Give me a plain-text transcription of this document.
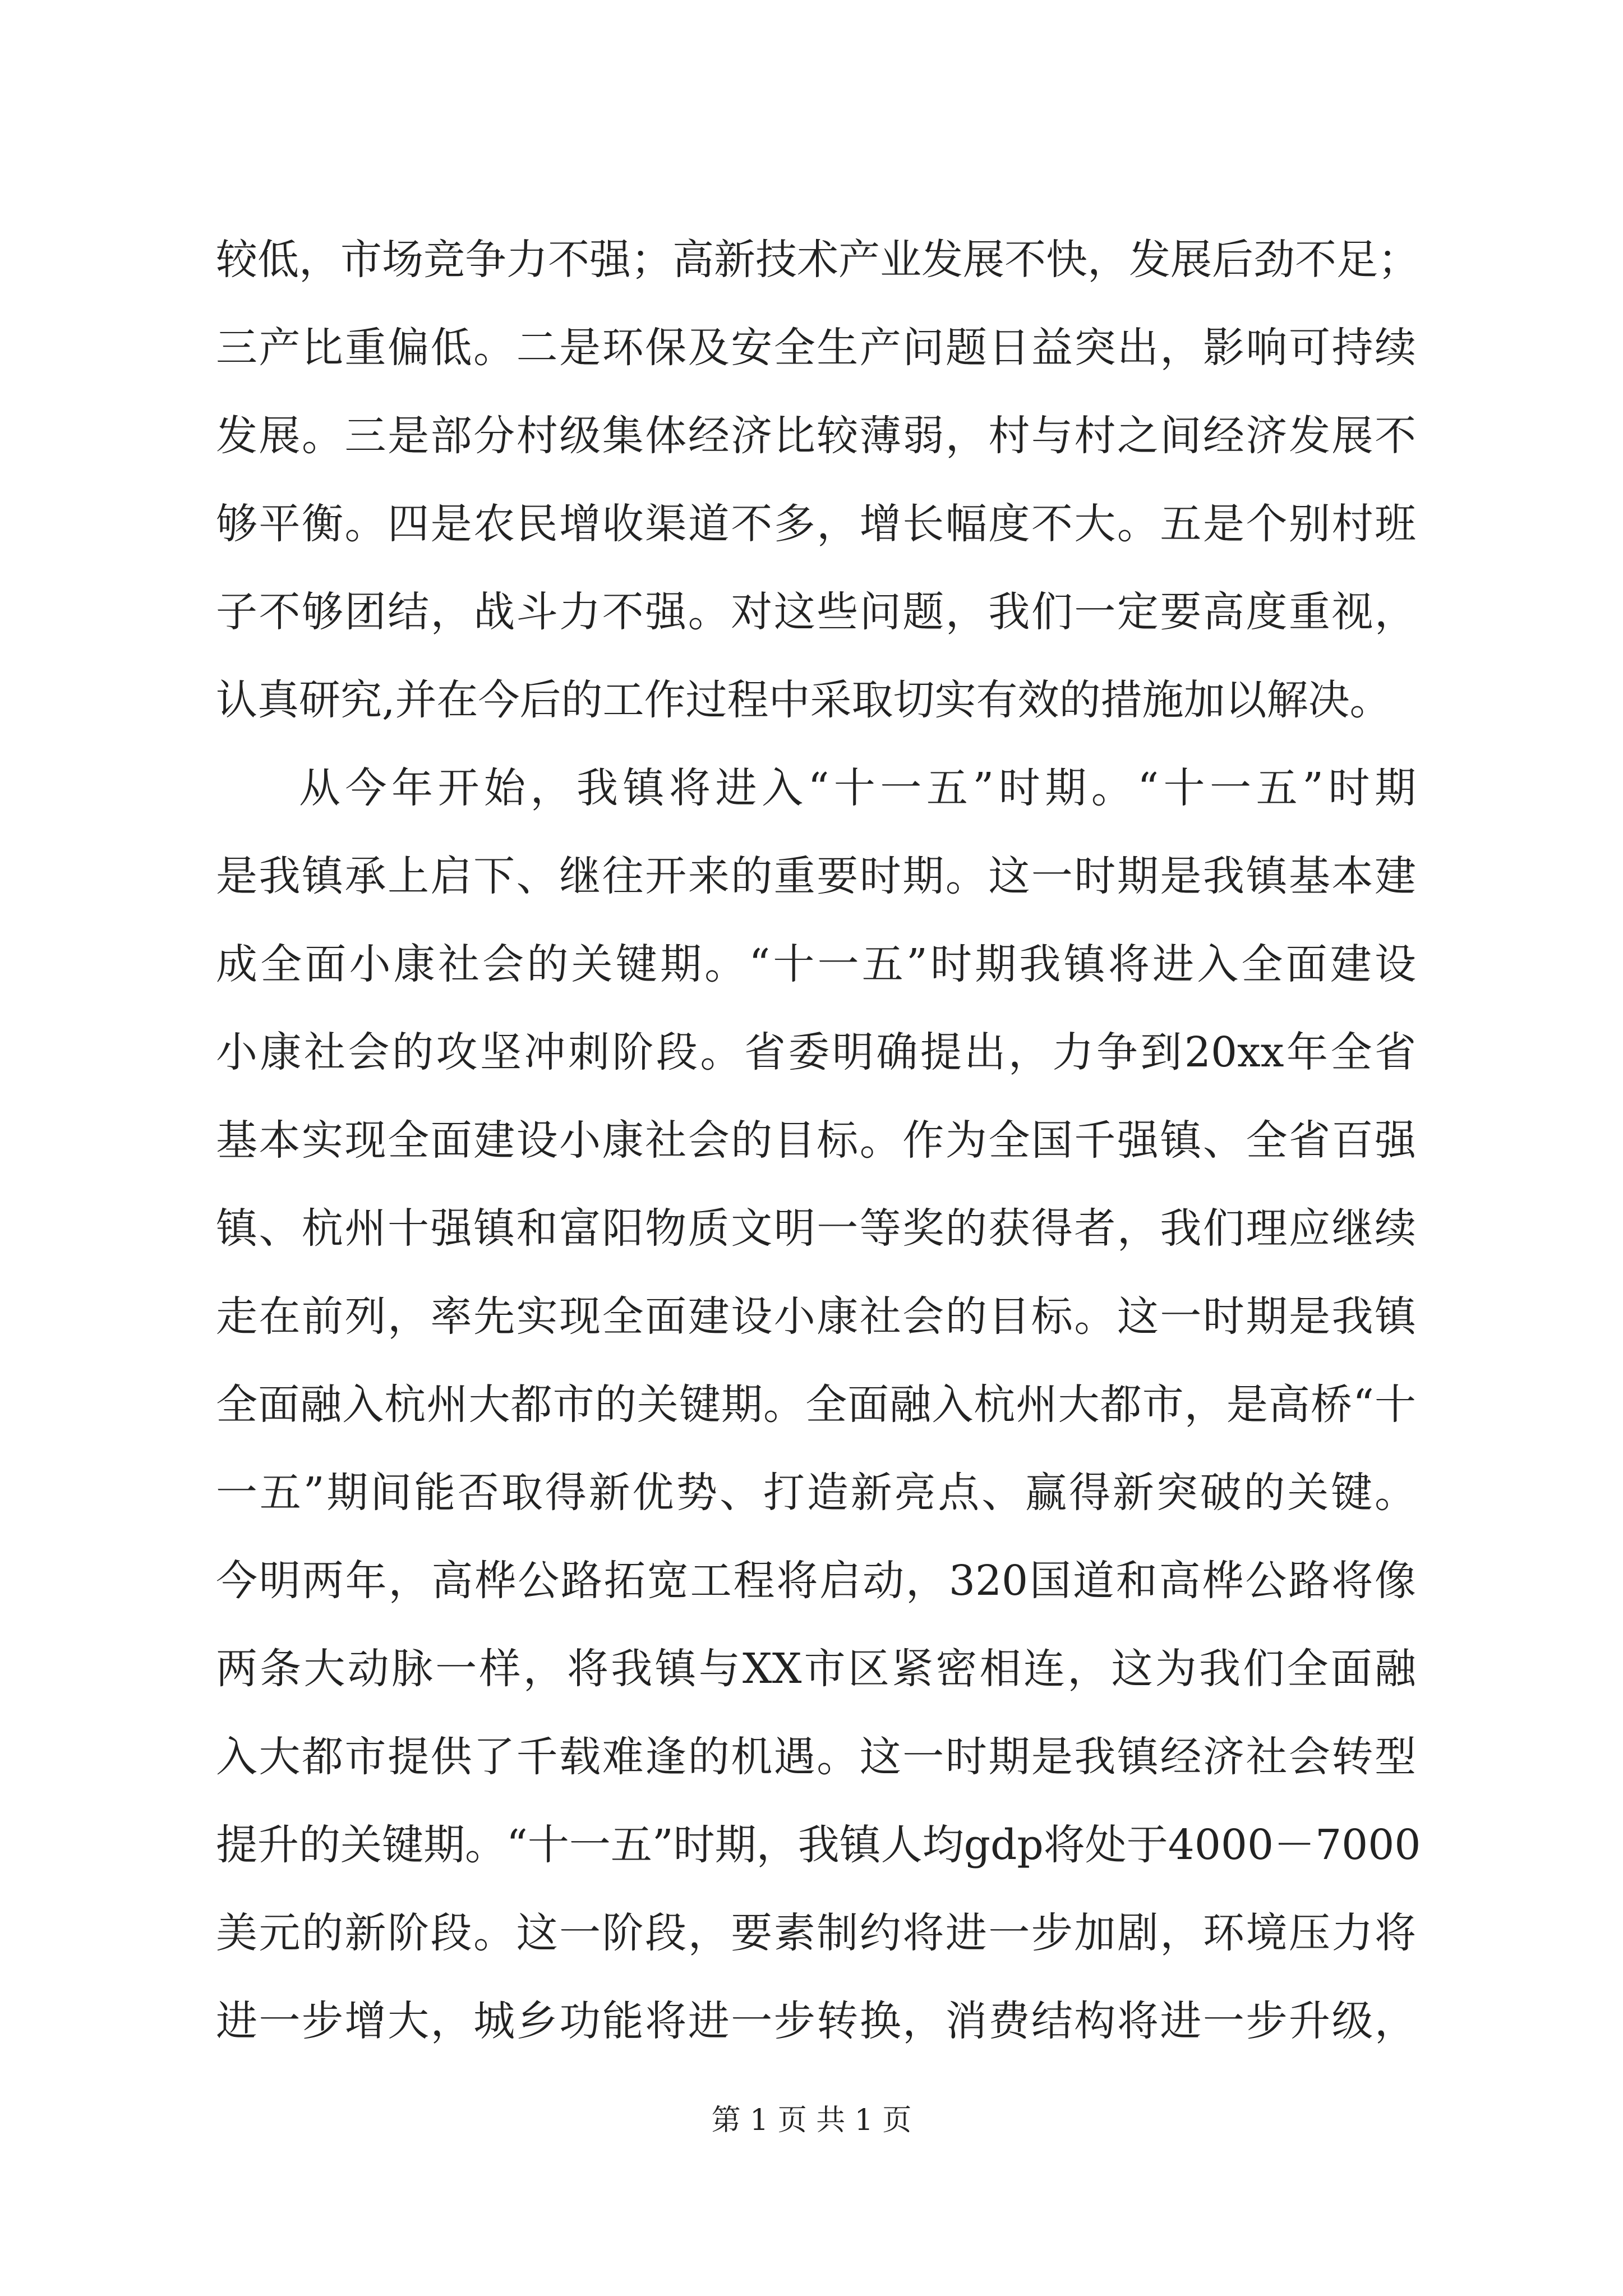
较低，市场竞争力不强；高新技术产业发展不快，发展后劲不足；
三产比重偏低。二是环保及安全生产问题日益突出，影响可持续
发展。三是部分村级集体经济比较薄弱，村与村之间经济发展不
够平衡。四是农民增收渠道不多，增长幅度不大。五是个别村班
子不够团结，战斗力不强。对这些问题，我们一定要高度重视，
认真研究,并在今后的工作过程中采取切实有效的措施加以解决。
从今年开始，我镇将进入“十一五”时期。“十一五”时期
是我镇承上启下、继往开来的重要时期。这一时期是我镇基本建
成全面小康社会的关键期。“十一五”时期我镇将进入全面建设
小康社会的攻坚冲刺阶段。省委明确提出，力争到20xx年全省
基本实现全面建设小康社会的目标。作为全国千强镇、全省百强
镇、杭州十强镇和富阳物质文明一等奖的获得者，我们理应继续
走在前列，率先实现全面建设小康社会的目标。这一时期是我镇
全面融入杭州大都市的关键期。全面融入杭州大都市，是高桥“十
一五”期间能否取得新优势、打造新亮点、赢得新突破的关键。
今明两年，高桦公路拓宽工程将启动，320国道和高桦公路将像
两条大动脉一样，将我镇与XX市区紧密相连，这为我们全面融
入大都市提供了千载难逢的机遇。这一时期是我镇经济社会转型
提升的关键期。“十一五”时期，我镇人均gdp将处于4000－7000
美元的新阶段。这一阶段，要素制约将进一步加剧，环境压力将
进一步增大，城乡功能将进一步转换，消费结构将进一步升级，
第 1 页 共 1 页
